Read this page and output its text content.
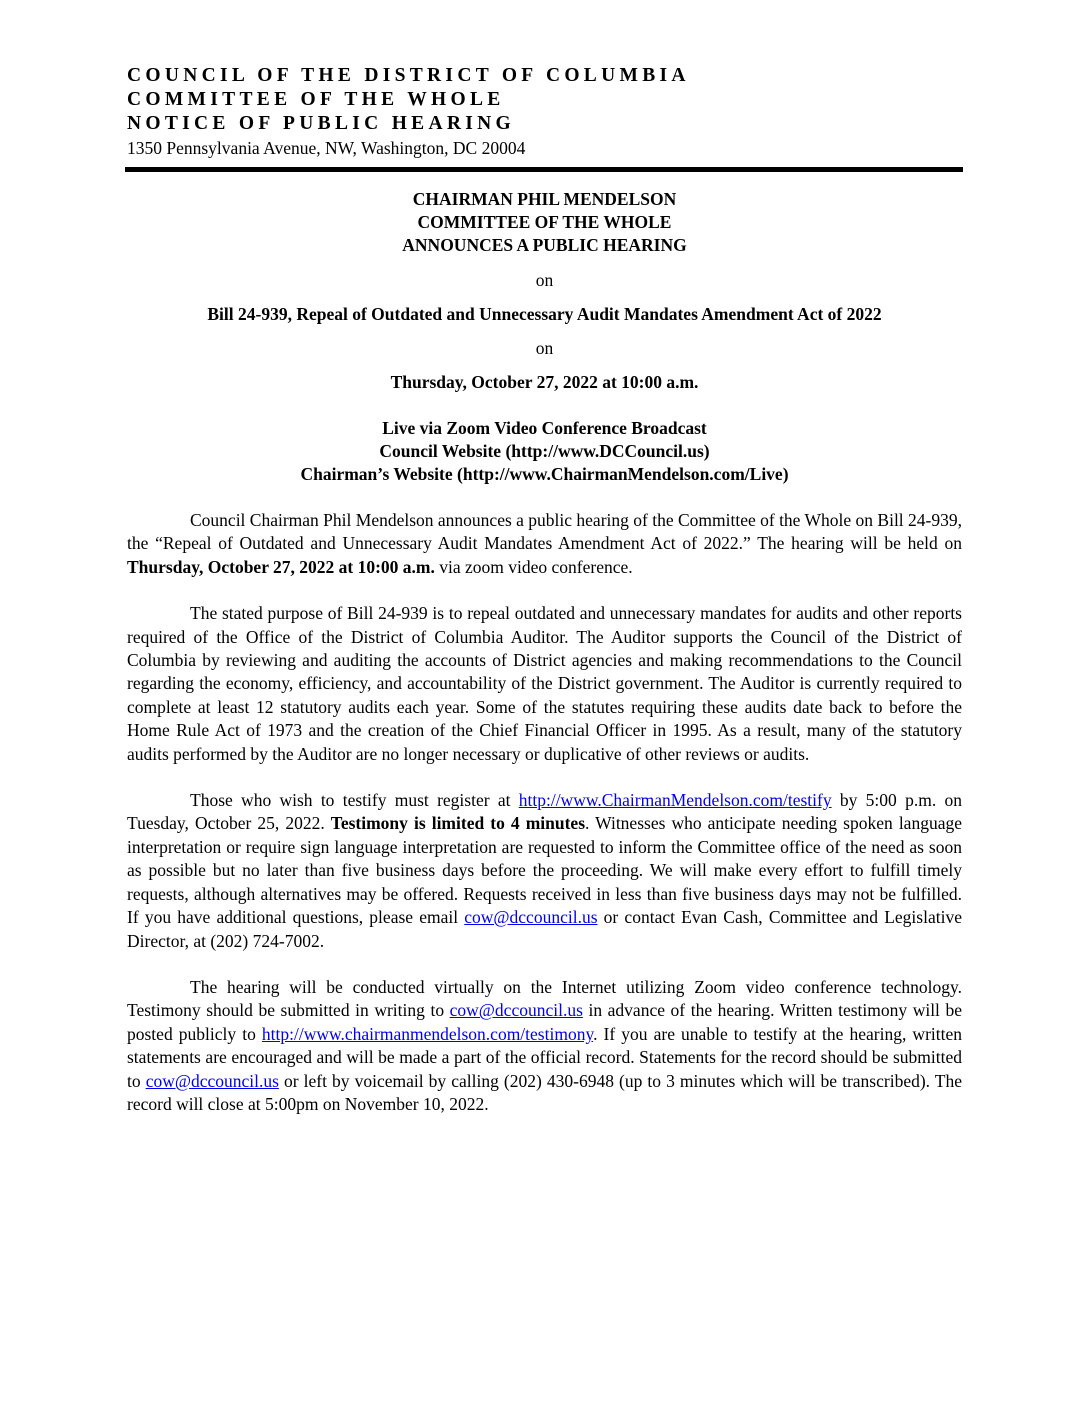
COUNCIL OF THE DISTRICT OF COLUMBIA
COMMITTEE OF THE WHOLE
NOTICE OF PUBLIC HEARING
1350 Pennsylvania Avenue, NW, Washington, DC 20004
CHAIRMAN PHIL MENDELSON
COMMITTEE OF THE WHOLE
ANNOUNCES A PUBLIC HEARING
on
Bill 24-939, Repeal of Outdated and Unnecessary Audit Mandates Amendment Act of 2022
on
Thursday, October 27, 2022 at 10:00 a.m.
Live via Zoom Video Conference Broadcast
Council Website (http://www.DCCouncil.us)
Chairman’s Website (http://www.ChairmanMendelson.com/Live)

Council Chairman Phil Mendelson announces a public hearing of the Committee of the Whole on Bill 24-939, the “Repeal of Outdated and Unnecessary Audit Mandates Amendment Act of 2022.” The hearing will be held on Thursday, October 27, 2022 at 10:00 a.m. via zoom video conference.

The stated purpose of Bill 24-939 is to repeal outdated and unnecessary mandates for audits and other reports required of the Office of the District of Columbia Auditor. The Auditor supports the Council of the District of Columbia by reviewing and auditing the accounts of District agencies and making recommendations to the Council regarding the economy, efficiency, and accountability of the District government. The Auditor is currently required to complete at least 12 statutory audits each year. Some of the statutes requiring these audits date back to before the Home Rule Act of 1973 and the creation of the Chief Financial Officer in 1995. As a result, many of the statutory audits performed by the Auditor are no longer necessary or duplicative of other reviews or audits.

Those who wish to testify must register at http://www.ChairmanMendelson.com/testify by 5:00 p.m. on Tuesday, October 25, 2022. Testimony is limited to 4 minutes. Witnesses who anticipate needing spoken language interpretation or require sign language interpretation are requested to inform the Committee office of the need as soon as possible but no later than five business days before the proceeding. We will make every effort to fulfill timely requests, although alternatives may be offered. Requests received in less than five business days may not be fulfilled. If you have additional questions, please email cow@dccouncil.us or contact Evan Cash, Committee and Legislative Director, at (202) 724-7002.

The hearing will be conducted virtually on the Internet utilizing Zoom video conference technology. Testimony should be submitted in writing to cow@dccouncil.us in advance of the hearing. Written testimony will be posted publicly to http://www.chairmanmendelson.com/testimony. If you are unable to testify at the hearing, written statements are encouraged and will be made a part of the official record. Statements for the record should be submitted to cow@dccouncil.us or left by voicemail by calling (202) 430-6948 (up to 3 minutes which will be transcribed). The record will close at 5:00pm on November 10, 2022.
